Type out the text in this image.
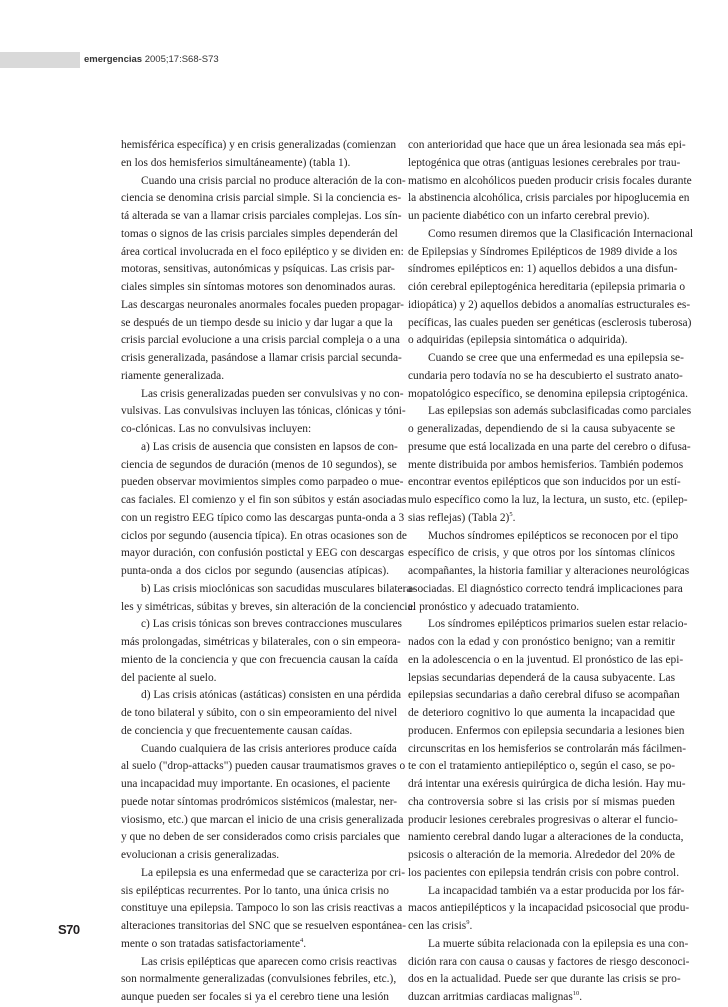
emergencias 2005;17:S68-S73
hemisférica específica) y en crisis generalizadas (comienzan
en los dos hemisferios simultáneamente) (tabla 1).
Cuando una crisis parcial no produce alteración de la con-
ciencia se denomina crisis parcial simple. Si la conciencia es-
tá alterada se van a llamar crisis parciales complejas. Los sín-
tomas o signos de las crisis parciales simples dependerán del
área cortical involucrada en el foco epiléptico y se dividen en:
motoras, sensitivas, autonómicas y psíquicas. Las crisis par-
ciales simples sin síntomas motores son denominados auras.
Las descargas neuronales anormales focales pueden propagar-
se después de un tiempo desde su inicio y dar lugar a que la
crisis parcial evolucione a una crisis parcial compleja o a una
crisis generalizada, pasándose a llamar crisis parcial secunda-
riamente generalizada.
Las crisis generalizadas pueden ser convulsivas y no con-
vulsivas. Las convulsivas incluyen las tónicas, clónicas y tóni-
co-clónicas. Las no convulsivas incluyen:
a) Las crisis de ausencia que consisten en lapsos de con-
ciencia de segundos de duración (menos de 10 segundos), se
pueden observar movimientos simples como parpadeo o mue-
cas faciales. El comienzo y el fin son súbitos y están asociadas
con un registro EEG típico como las descargas punta-onda a 3
ciclos por segundo (ausencia típica). En otras ocasiones son de
mayor duración, con confusión postictal y EEG con descargas
punta-onda a dos ciclos por segundo (ausencias atípicas).
b) Las crisis mioclónicas son sacudidas musculares bilatera-
les y simétricas, súbitas y breves, sin alteración de la conciencia.
c) Las crisis tónicas son breves contracciones musculares
más prolongadas, simétricas y bilaterales, con o sin empeora-
miento de la conciencia y que con frecuencia causan la caída
del paciente al suelo.
d) Las crisis atónicas (astáticas) consisten en una pérdida
de tono bilateral y súbito, con o sin empeoramiento del nivel
de conciencia y que frecuentemente causan caídas.
Cuando cualquiera de las crisis anteriores produce caída
al suelo ("drop-attacks") pueden causar traumatismos graves o
una incapacidad muy importante. En ocasiones, el paciente
puede notar síntomas prodrómicos sistémicos (malestar, ner-
viosismo, etc.) que marcan el inicio de una crisis generalizada
y que no deben de ser considerados como crisis parciales que
evolucionan a crisis generalizadas.
La epilepsia es una enfermedad que se caracteriza por cri-
sis epilépticas recurrentes. Por lo tanto, una única crisis no
constituye una epilepsia. Tampoco lo son las crisis reactivas a
alteraciones transitorias del SNC que se resuelven espontánea-
mente o son tratadas satisfactoriamente$^4$.
Las crisis epilépticas que aparecen como crisis reactivas
son normalmente generalizadas (convulsiones febriles, etc.),
aunque pueden ser focales si ya el cerebro tiene una lesión
con anterioridad que hace que un área lesionada sea más epi-
leptogénica que otras (antiguas lesiones cerebrales por trau-
matismo en alcohólicos pueden producir crisis focales durante
la abstinencia alcohólica, crisis parciales por hipoglucemia en
un paciente diabético con un infarto cerebral previo).
Como resumen diremos que la Clasificación Internacional
de Epilepsias y Síndromes Epilépticos de 1989 divide a los
síndromes epilépticos en: 1) aquellos debidos a una disfun-
ción cerebral epileptogénica hereditaria (epilepsia primaria o
idiopática) y 2) aquellos debidos a anomalías estructurales es-
pecíficas, las cuales pueden ser genéticas (esclerosis tuberosa)
o adquiridas (epilepsia sintomática o adquirida).
Cuando se cree que una enfermedad es una epilepsia se-
cundaria pero todavía no se ha descubierto el sustrato anato-
mopatológico específico, se denomina epilepsia criptogénica.
Las epilepsias son además subclasificadas como parciales
o generalizadas, dependiendo de si la causa subyacente se
presume que está localizada en una parte del cerebro o difusa-
mente distribuida por ambos hemisferios. También podemos
encontrar eventos epilépticos que son inducidos por un estí-
mulo específico como la luz, la lectura, un susto, etc. (epilep-
sias reflejas) (Tabla 2)$^5$.
Muchos síndromes epilépticos se reconocen por el tipo
específico de crisis, y que otros por los síntomas clínicos
acompañantes, la historia familiar y alteraciones neurológicas
asociadas. El diagnóstico correcto tendrá implicaciones para
el pronóstico y adecuado tratamiento.
Los síndromes epilépticos primarios suelen estar relacio-
nados con la edad y con pronóstico benigno; van a remitir
en la adolescencia o en la juventud. El pronóstico de las epi-
lepsias secundarias dependerá de la causa subyacente. Las
epilepsias secundarias a daño cerebral difuso se acompañan
de deterioro cognitivo lo que aumenta la incapacidad que
producen. Enfermos con epilepsia secundaria a lesiones bien
circunscritas en los hemisferios se controlarán más fácilmen-
te con el tratamiento antiepiléptico o, según el caso, se po-
drá intentar una exéresis quirúrgica de dicha lesión. Hay mu-
cha controversia sobre si las crisis por sí mismas pueden
producir lesiones cerebrales progresivas o alterar el funcio-
namiento cerebral dando lugar a alteraciones de la conducta,
psicosis o alteración de la memoria. Alrededor del 20% de
los pacientes con epilepsia tendrán crisis con pobre control.
La incapacidad también va a estar producida por los fár-
macos antiepilépticos y la incapacidad psicosocial que produ-
cen las crisis$^9$.
La muerte súbita relacionada con la epilepsia es una con-
dición rara con causa o causas y factores de riesgo desconoci-
dos en la actualidad. Puede ser que durante las crisis se pro-
duzcan arritmias cardiacas malignas$^{10}$.
S70
